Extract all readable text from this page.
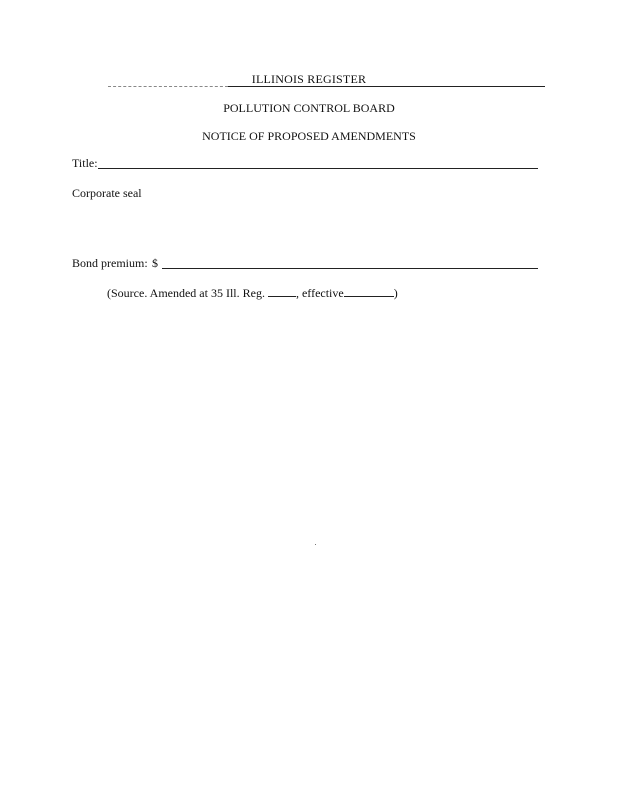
ILLINOIS REGISTER
POLLUTION CONTROL BOARD
NOTICE OF PROPOSED AMENDMENTS
Title:
Corporate seal
Bond premium: $
(Source. Amended at 35 Ill. Reg.	, effective	)
